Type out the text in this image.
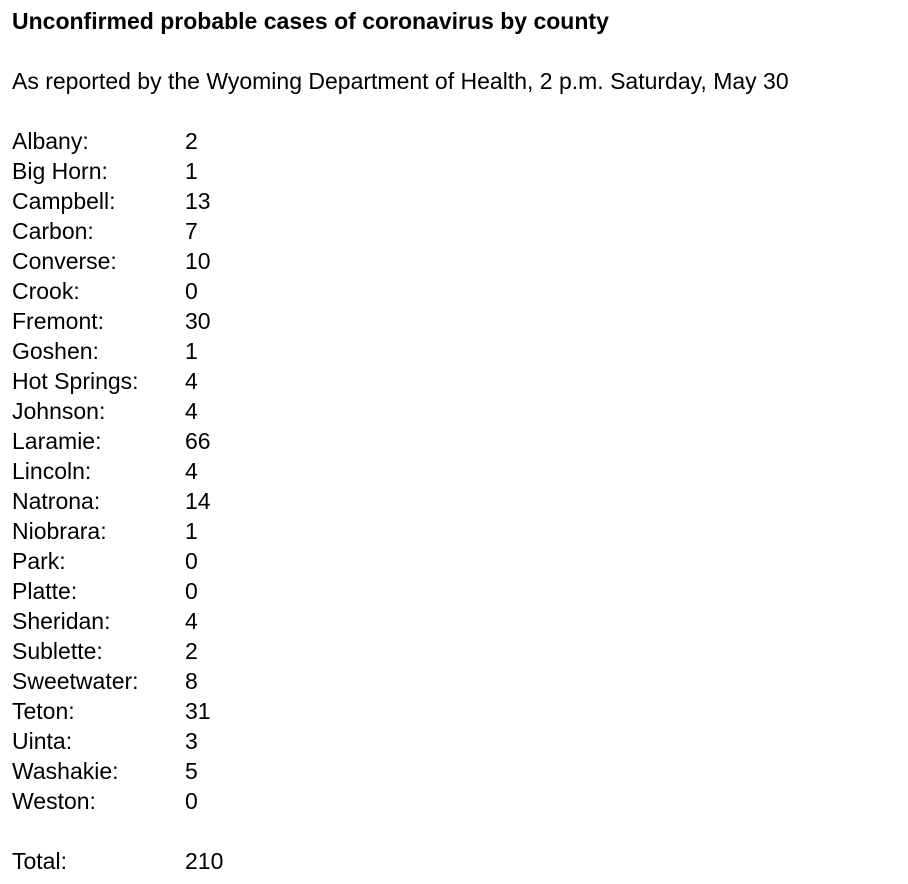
Unconfirmed probable cases of coronavirus by county

As reported by the Wyoming Department of Health, 2 p.m. Saturday, May 30

Albany:	2
Big Horn:	1
Campbell:	13
Carbon:	7
Converse:	10
Crook:	0
Fremont:	30
Goshen:	1
Hot Springs:	4
Johnson:	4
Laramie:	66
Lincoln:	4
Natrona:	14
Niobrara:	1
Park:	0
Platte:	0
Sheridan:	4
Sublette:	2
Sweetwater:	8
Teton:	31
Uinta:	3
Washakie:	5
Weston:	0
Total:	210
